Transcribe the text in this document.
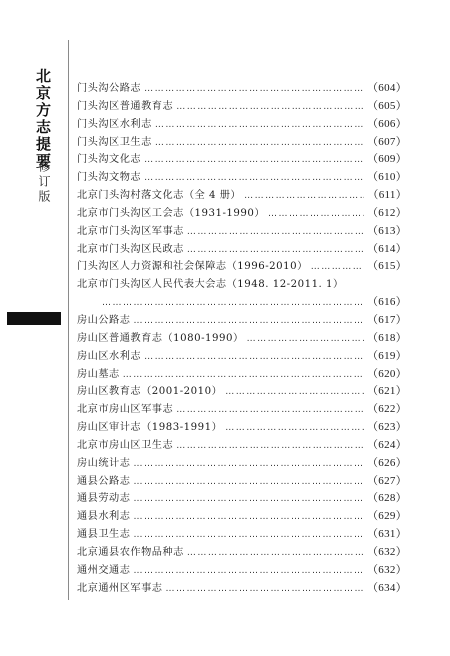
北京方志提要
修订版
门头沟公路志 …………………………………………………………………………………………………………………………	（604）
门头沟区普通教育志 …………………………………………………………………………………………………………………………	（605）
门头沟区水利志 …………………………………………………………………………………………………………………………	（606）
门头沟区卫生志 …………………………………………………………………………………………………………………………	（607）
门头沟文化志 …………………………………………………………………………………………………………………………	（609）
门头沟文物志 …………………………………………………………………………………………………………………………	（610）
北京门头沟村落文化志（全 4 册） …………………………………………………………………………………………………………………………	（611）
北京市门头沟区工会志（1931-1990） …………………………………………………………………………………………………………………………	（612）
北京市门头沟区军事志 …………………………………………………………………………………………………………………………	（613）
北京市门头沟区民政志 …………………………………………………………………………………………………………………………	（614）
门头沟区人力资源和社会保障志（1996-2010） …………………………………………………………………………………………………………………………	（615）
北京市门头沟区人民代表大会志（1948. 12-2011. 1）
…………………………………………………………………………………………………………………………
（616）
房山公路志 …………………………………………………………………………………………………………………………	（617）
房山区普通教育志（1080-1990） …………………………………………………………………………………………………………………………	（618）
房山区水利志 …………………………………………………………………………………………………………………………	（619）
房山墓志 …………………………………………………………………………………………………………………………	（620）
房山区教育志（2001-2010） …………………………………………………………………………………………………………………………	（621）
北京市房山区军事志 …………………………………………………………………………………………………………………………	（622）
房山区审计志（1983-1991） …………………………………………………………………………………………………………………………	（623）
北京市房山区卫生志 …………………………………………………………………………………………………………………………	（624）
房山统计志 …………………………………………………………………………………………………………………………	（626）
通县公路志 …………………………………………………………………………………………………………………………	（627）
通县劳动志 …………………………………………………………………………………………………………………………	（628）
通县水利志 …………………………………………………………………………………………………………………………	（629）
通县卫生志 …………………………………………………………………………………………………………………………	（631）
北京通县农作物品种志 …………………………………………………………………………………………………………………………	（632）
通州交通志 …………………………………………………………………………………………………………………………	（632）
北京通州区军事志 …………………………………………………………………………………………………………………………	（634）
